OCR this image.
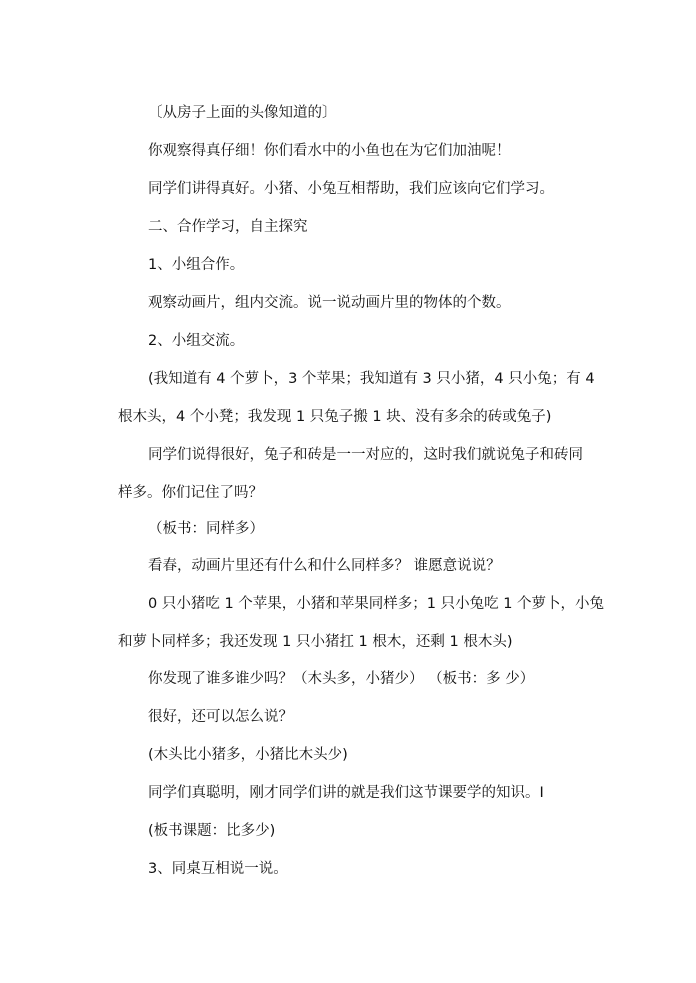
〔从房子上面的头像知道的〕
你观察得真仔细！你们看水中的小鱼也在为它们加油呢！
同学们讲得真好。小猪、小兔互相帮助，我们应该向它们学习。
二、合作学习，自主探究
1、小组合作。
观察动画片，组内交流。说一说动画片里的物体的个数。
2、小组交流。
(我知道有 4 个萝卜，3 个苹果；我知道有 3 只小猪，4 只小兔；有 4
根木头，4 个小凳；我发现 1 只兔子搬 1 块、没有多余的砖或兔子)
同学们说得很好，兔子和砖是一一对应的，这时我们就说兔子和砖同
样多。你们记住了吗？
（板书：同样多）
看春，动画片里还有什么和什么同样多？ 谁愿意说说？
0 只小猪吃 1 个苹果，小猪和苹果同样多；1 只小兔吃 1 个萝卜，小兔
和萝卜同样多；我还发现 1 只小猪扛 1 根木，还剩 1 根木头)
你发现了谁多谁少吗？（木头多，小猪少） （板书：多 少）
很好，还可以怎么说？
(木头比小猪多，小猪比木头少)
同学们真聪明，刚才同学们讲的就是我们这节课要学的知识。I
(板书课题：比多少)
3、同桌互相说一说。
